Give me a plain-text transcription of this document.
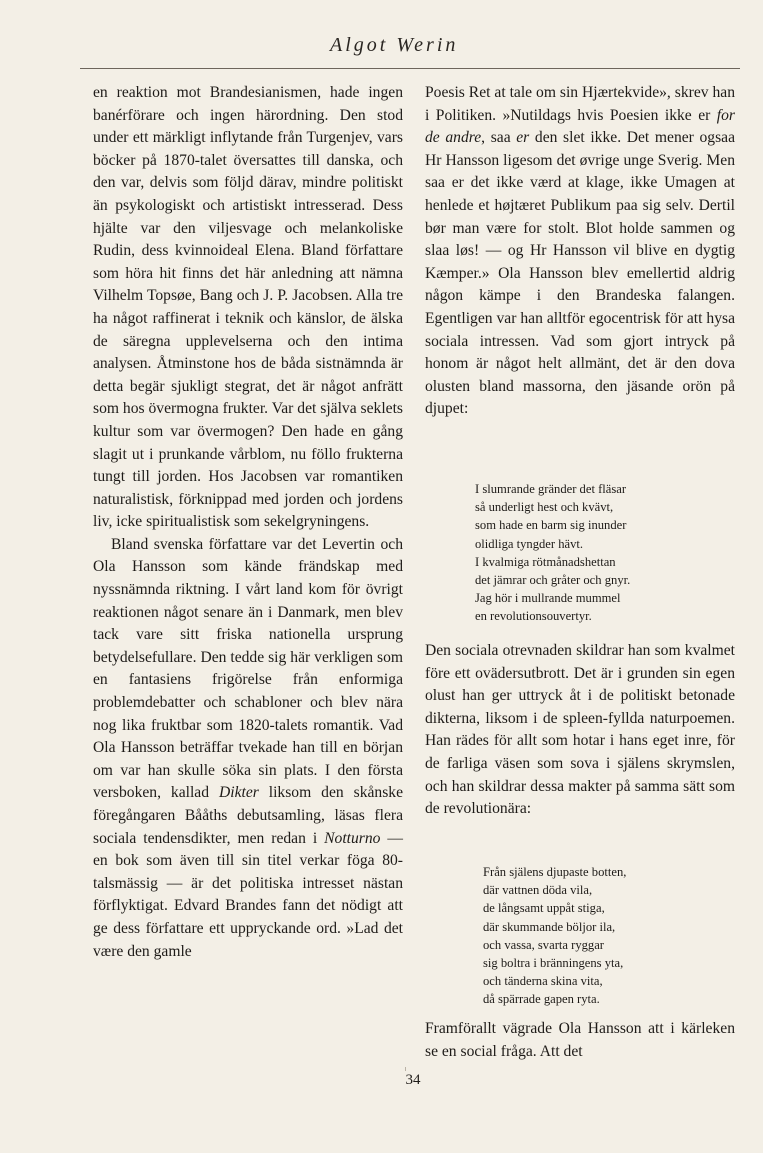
Algot Werin

en reaktion mot Brandesianismen, hade ingen banérförare och ingen härordning. Den stod under ett märkligt inflytande från Turgenjev, vars böcker på 1870-talet översattes till danska, och den var, delvis som följd därav, mindre politiskt än psykologiskt och artistiskt intresserad. Dess hjälte var den viljesvage och melankoliske Rudin, dess kvinnoideal Elena. Bland författare som höra hit finns det här anledning att nämna Vilhelm Topsøe, Bang och J. P. Jacobsen. Alla tre ha något raffinerat i teknik och känslor, de älska de säregna upplevelserna och den intima analysen. Åtminstone hos de båda sistnämnda är detta begär sjukligt stegrat, det är något anfrätt som hos övermogna frukter. Var det själva seklets kultur som var övermogen? Den hade en gång slagit ut i prunkande vårblom, nu föllo frukterna tungt till jorden. Hos Jacobsen var romantiken naturalistisk, förknippad med jorden och jordens liv, icke spiritualistisk som sekelgryningens.

Bland svenska författare var det Levertin och Ola Hansson som kände frändskap med nyssnämnda riktning. I vårt land kom för övrigt reaktionen något senare än i Danmark, men blev tack vare sitt friska nationella ursprung betydelsefullare. Den tedde sig här verkligen som en fantasiens frigörelse från enformiga problemdebatter och schabloner och blev nära nog lika fruktbar som 1820-talets romantik. Vad Ola Hansson beträffar tvekade han till en början om var han skulle söka sin plats. I den första versboken, kallad Dikter liksom den skånske föregångaren Bååths debutsamling, läsas flera sociala tendensdikter, men redan i Notturno — en bok som även till sin titel verkar föga 80-talsmässig — är det politiska intresset nästan förflyktigat. Edvard Brandes fann det nödigt att ge dess författare ett uppryckande ord. »Lad det være den gamle

Poesis Ret at tale om sin Hjærtekvide», skrev han i Politiken. »Nutildags hvis Poesien ikke er for de andre, saa er den slet ikke. Det mener ogsaa Hr Hansson ligesom det øvrige unge Sverig. Men saa er det ikke værd at klage, ikke Umagen at henlede et højtæret Publikum paa sig selv. Dertil bør man være for stolt. Blot holde sammen og slaa løs! — og Hr Hansson vil blive en dygtig Kæmper.» Ola Hansson blev emellertid aldrig någon kämpe i den Brandeska falangen. Egentligen var han alltför egocentrisk för att hysa sociala intressen. Vad som gjort intryck på honom är något helt allmänt, det är den dova olusten bland massorna, den jäsande orön på djupet:

I slumrande gränder det fläsar
så underligt hest och kvävt,
som hade en barm sig inunder
olidliga tyngder hävt.
I kvalmiga rötmånadshettan
det jämrar och gråter och gnyr.
Jag hör i mullrande mummel
en revolutionsouvertyr.

Den sociala otrevnaden skildrar han som kvalmet före ett ovädersutbrott. Det är i grunden sin egen olust han ger uttryck åt i de politiskt betonade dikterna, liksom i de spleen-fyllda naturpoemen. Han rädes för allt som hotar i hans eget inre, för de farliga väsen som sova i själens skrymslen, och han skildrar dessa makter på samma sätt som de revolutionära:

Från själens djupaste botten,
där vattnen döda vila,
de långsamt uppåt stiga,
där skummande böljor ila,
och vassa, svarta ryggar
sig boltra i bränningens yta,
och tänderna skina vita,
då spärrade gapen ryta.

Framförallt vägrade Ola Hansson att i kärleken se en social fråga. Att det

34
